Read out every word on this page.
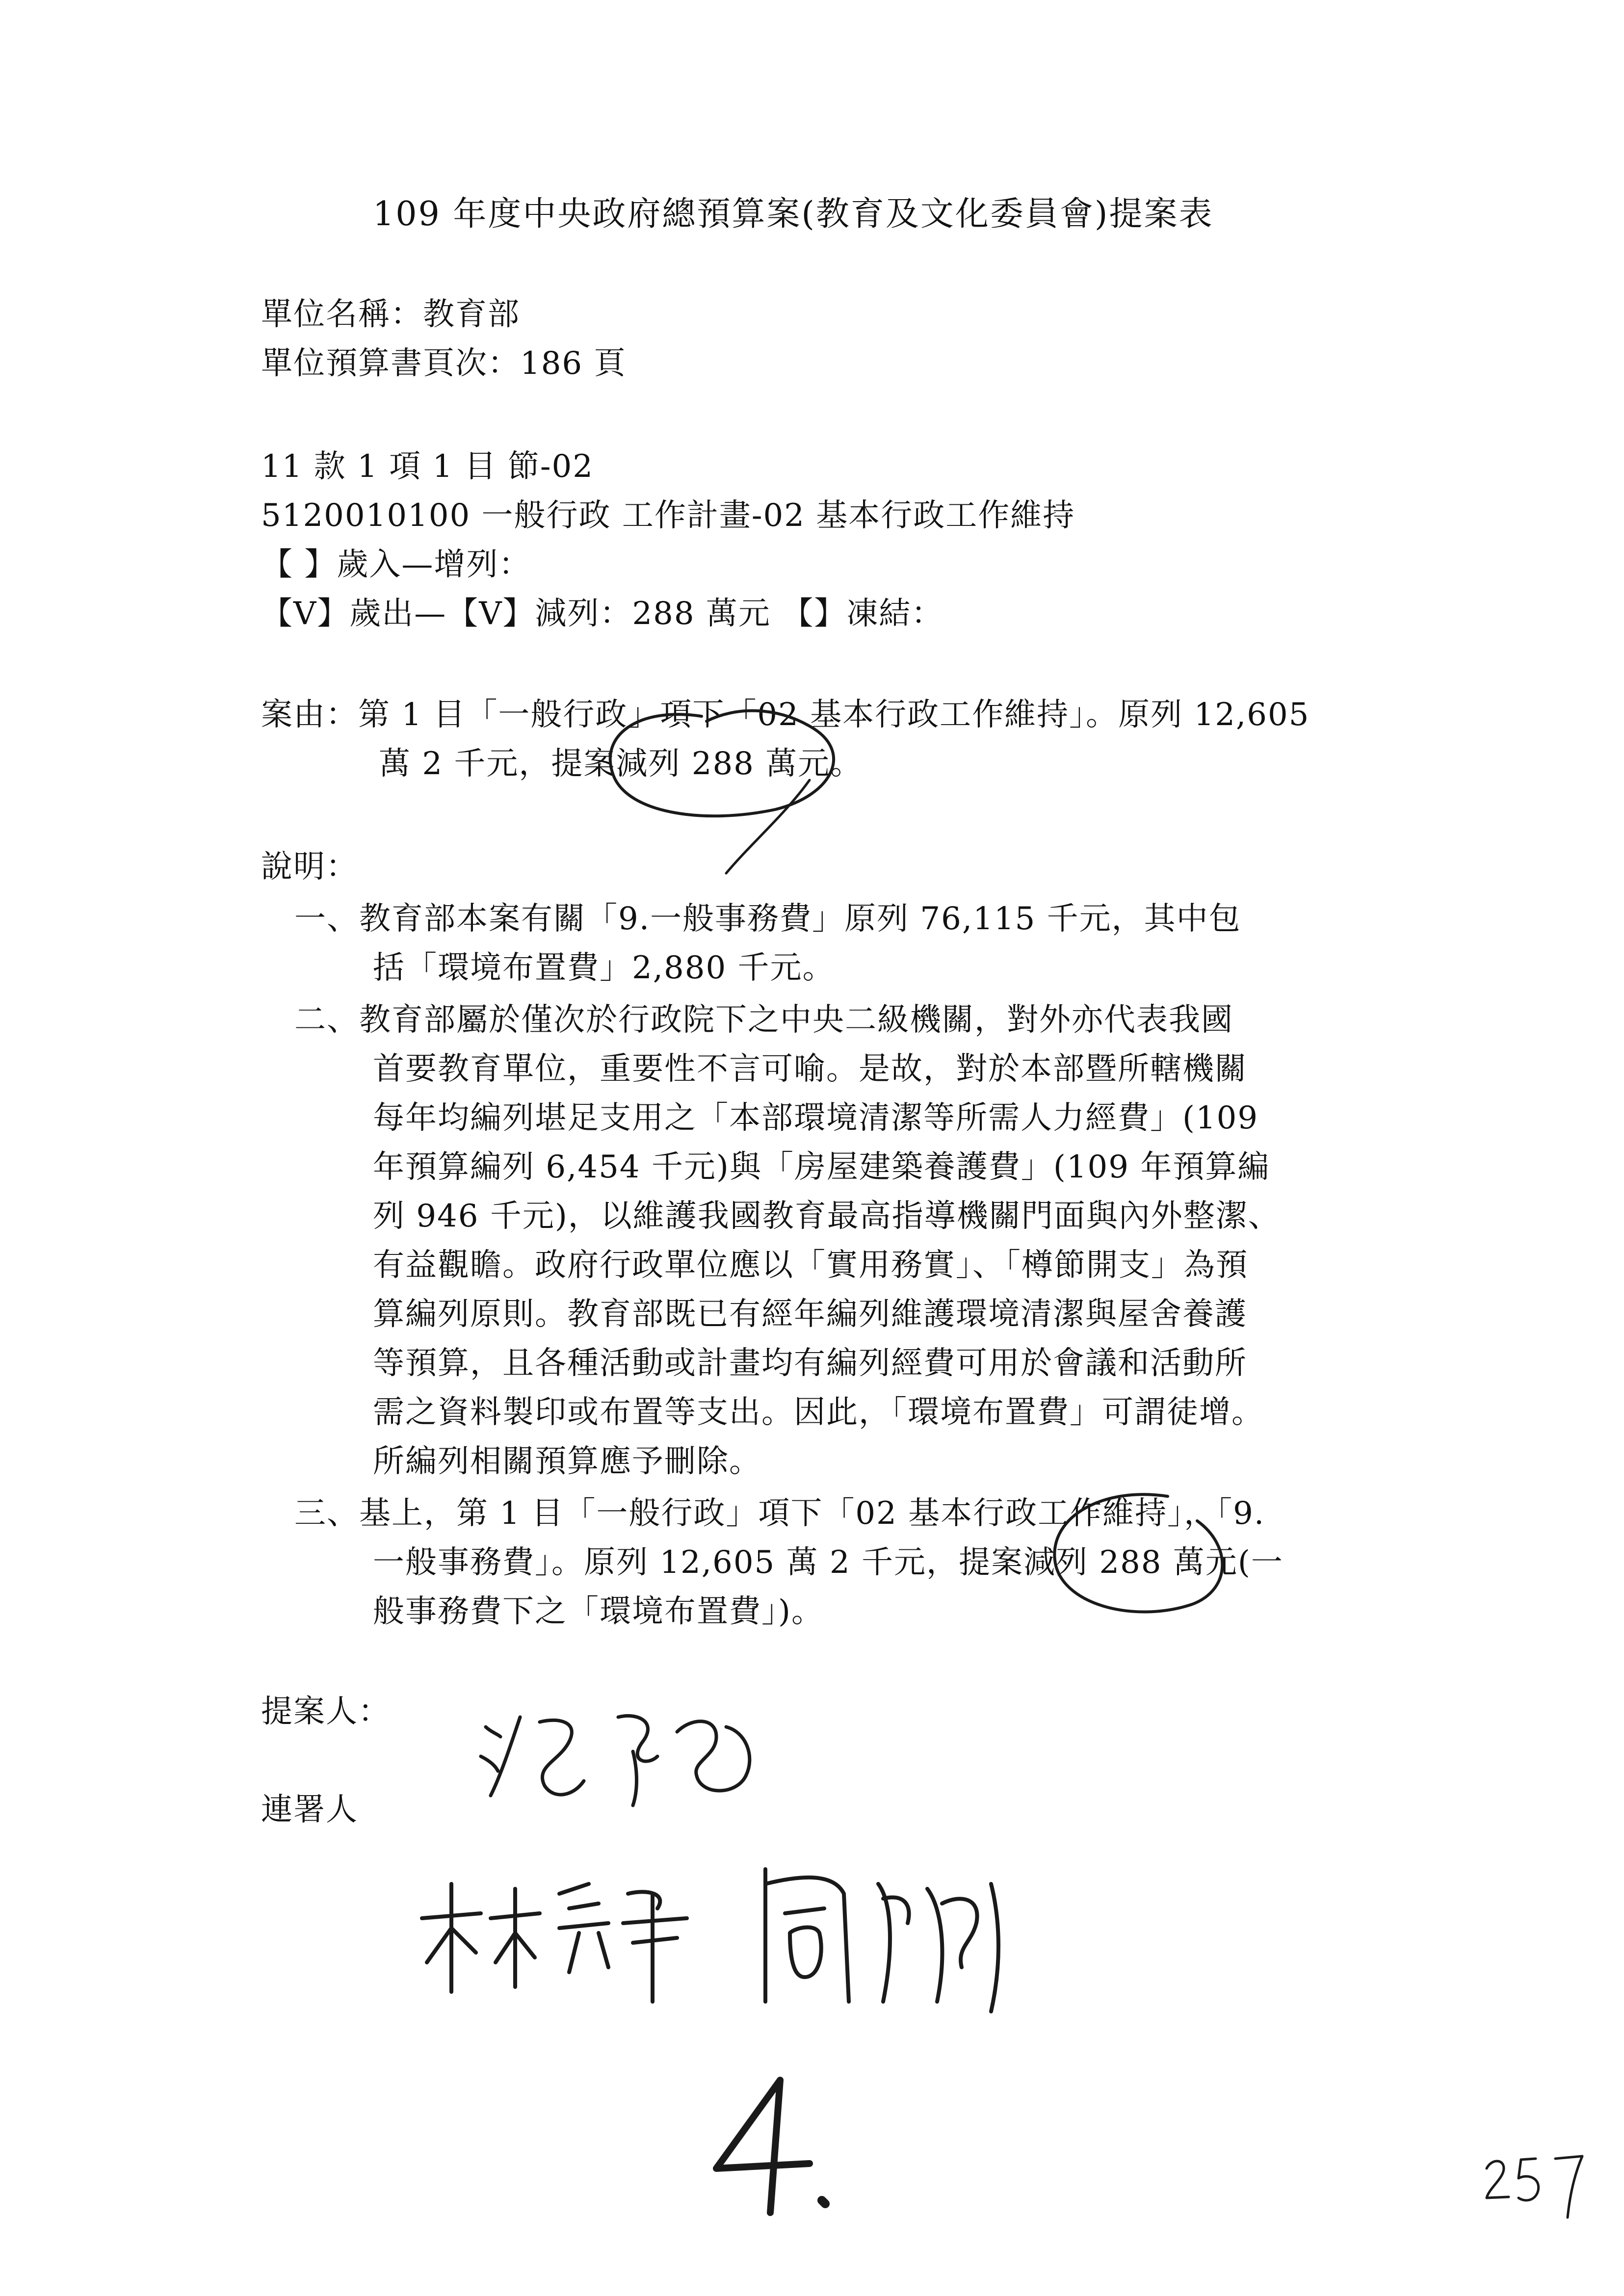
109 年度中央政府總預算案(教育及文化委員會)提案表
單位名稱：教育部
單位預算書頁次：186 頁
11 款 1 項 1 目 節-02
5120010100 一般行政 工作計畫-02 基本行政工作維持
【 】歲入—增列：
【V】歲出—【V】減列：288 萬元 【】凍結：
案由：第 1 目「一般行政」項下「02 基本行政工作維持」。原列 12,605
萬 2 千元，提案減列 288 萬元。
說明：
一、教育部本案有關「9.一般事務費」原列 76,115 千元，其中包
括「環境布置費」2,880 千元。
二、教育部屬於僅次於行政院下之中央二級機關，對外亦代表我國
首要教育單位，重要性不言可喻。是故，對於本部暨所轄機關
每年均編列堪足支用之「本部環境清潔等所需人力經費」(109
年預算編列 6,454 千元)與「房屋建築養護費」(109 年預算編
列 946 千元)，以維護我國教育最高指導機關門面與內外整潔、
有益觀瞻。政府行政單位應以「實用務實」、「樽節開支」為預
算編列原則。教育部既已有經年編列維護環境清潔與屋舍養護
等預算，且各種活動或計畫均有編列經費可用於會議和活動所
需之資料製印或布置等支出。因此，「環境布置費」可謂徒增。
所編列相關預算應予刪除。
三、基上，第 1 目「一般行政」項下「02 基本行政工作維持」，「9.
一般事務費」。原列 12,605 萬 2 千元，提案減列 288 萬元(一
般事務費下之「環境布置費」)。
提案人：
連署人
